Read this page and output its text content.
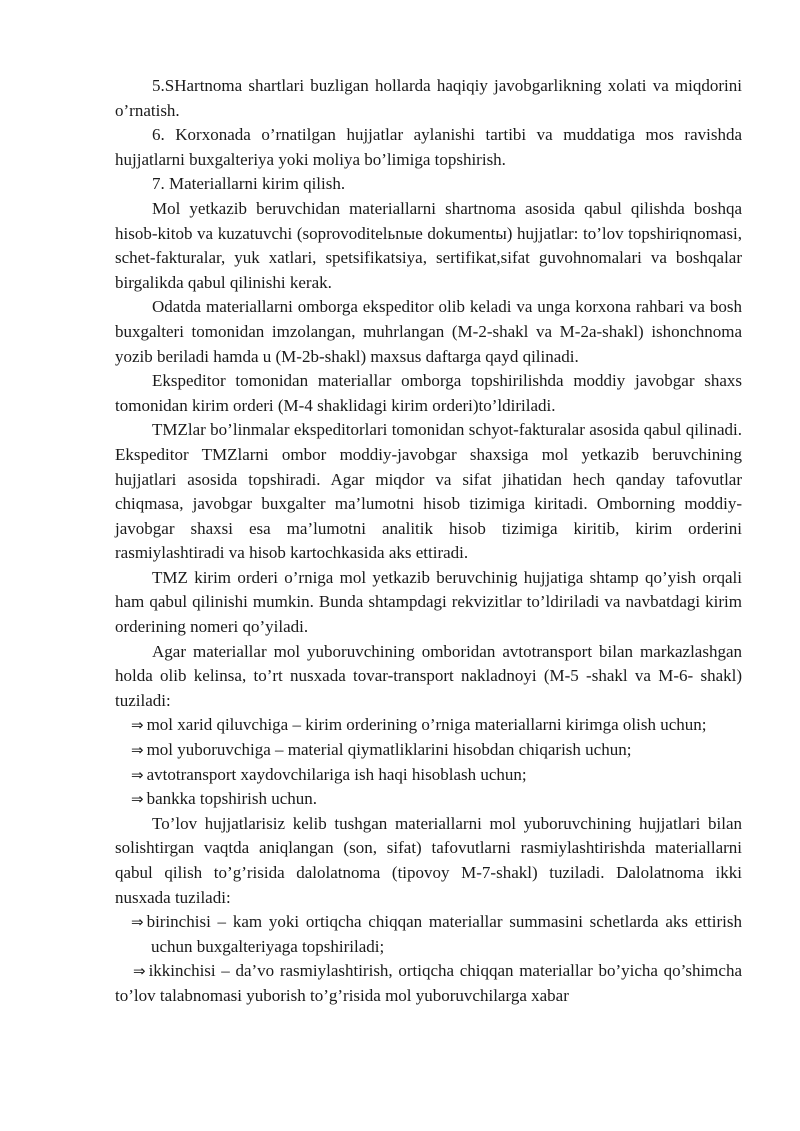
5.SHartnoma shartlari buzligan hollarda haqiqiy javobgarlikning xolati va miqdorini o’rnatish.

6. Korxonada o’rnatilgan hujjatlar aylanishi tartibi va muddatiga mos ravishda hujjatlarni buxgalteriya yoki moliya bo’limiga topshirish.

7. Materiallarni kirim qilish.

Mol yetkazib beruvchidan materiallarni shartnoma asosida qabul qilishda boshqa hisob-kitob va kuzatuvchi (soprovoditelьnыe dokumentы) hujjatlar: to’lov topshiriqnomasi, schet-fakturalar, yuk xatlari, spetsifikatsiya, sertifikat,sifat guvohnomalari va boshqalar birgalikda qabul qilinishi kerak.

Odatda materiallarni omborga ekspeditor olib keladi va unga korxona rahbari va bosh buxgalteri tomonidan imzolangan, muhrlangan (M-2-shakl va M-2a-shakl) ishonchnoma yozib beriladi hamda u (M-2b-shakl) maxsus daftarga qayd qilinadi.

Ekspeditor tomonidan materiallar omborga topshirilishda moddiy javobgar shaxs tomonidan kirim orderi (M-4 shaklidagi kirim orderi)to’ldiriladi.

TMZlar bo’linmalar ekspeditorlari tomonidan schyot-fakturalar asosida qabul qilinadi. Ekspeditor TMZlarni ombor moddiy-javobgar shaxsiga mol yetkazib beruvchining hujjatlari asosida topshiradi. Agar miqdor va sifat jihatidan hech qanday tafovutlar chiqmasa, javobgar buxgalter ma’lumotni hisob tizimiga kiritadi. Omborning moddiy-javobgar shaxsi esa ma’lumotni analitik hisob tizimiga kiritib, kirim orderini rasmiylashtiradi va hisob kartochkasida aks ettiradi.

TMZ kirim orderi o’rniga mol yetkazib beruvchinig hujjatiga shtamp qo’yish orqali ham qabul qilinishi mumkin. Bunda shtampdagi rekvizitlar to’ldiriladi va navbatdagi kirim orderining nomeri qo’yiladi.

Agar materiallar mol yuboruvchining omboridan avtotransport bilan markazlashgan holda olib kelinsa, to’rt nusxada tovar-transport nakladnoyi (M-5 -shakl va M-6- shakl) tuziladi:

⇒ mol xarid qiluvchiga – kirim orderining o’rniga materiallarni kirimga olish uchun;

⇒ mol yuboruvchiga – material qiymatliklarini hisobdan chiqarish uchun;

⇒ avtotransport xaydovchilariga ish haqi hisoblash uchun;

⇒ bankka topshirish uchun.

To’lov hujjatlarisiz kelib tushgan materiallarni mol yuboruvchining hujjatlari bilan solishtirgan vaqtda aniqlangan (son, sifat) tafovutlarni rasmiylashtirishda materiallarni qabul qilish to’g’risida dalolatnoma (tipovoy M-7-shakl) tuziladi. Dalolatnoma ikki nusxada tuziladi:

⇒ birinchisi – kam yoki ortiqcha chiqqan materiallar summasini schetlarda aks ettirish uchun buxgalteriyaga topshiriladi;

⇒ ikkinchisi – da’vo rasmiylashtirish, ortiqcha chiqqan materiallar bo’yicha qo’shimcha to’lov talabnomasi yuborish to’g’risida mol yuboruvchilarga xabar
